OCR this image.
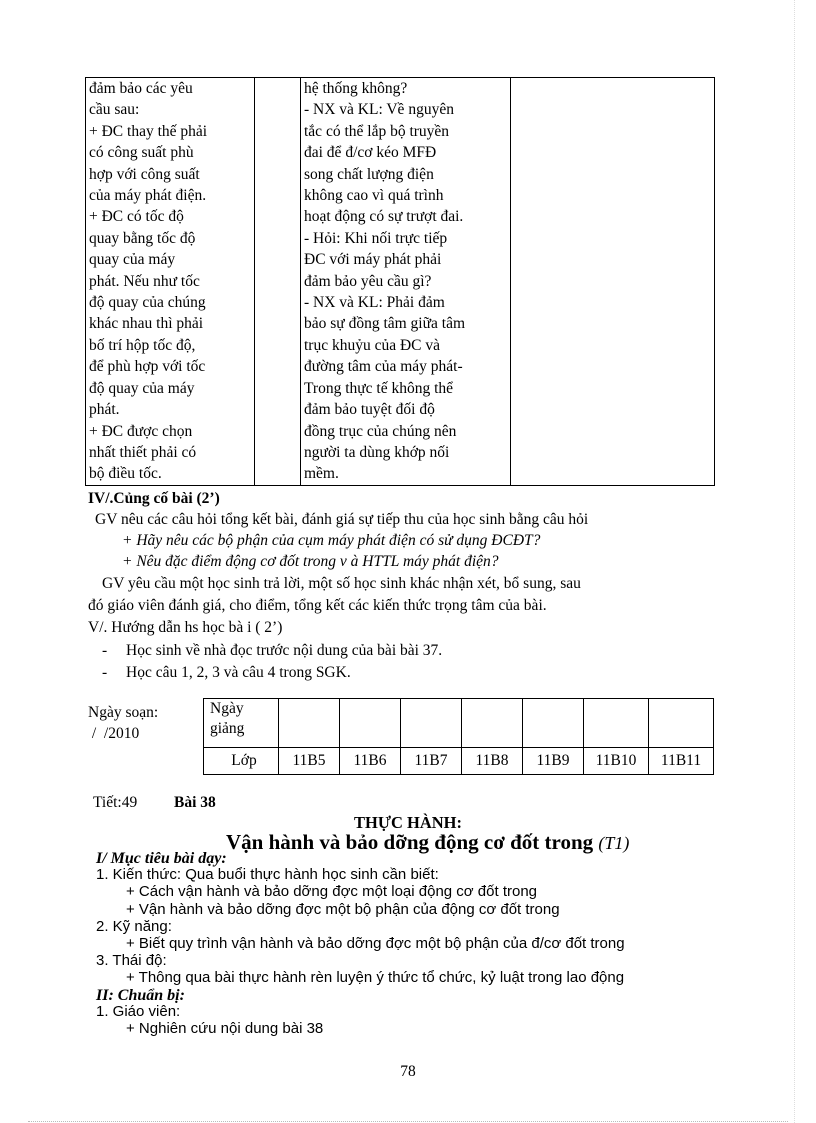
đảm bảo các yêu
cầu sau:
+ ĐC thay thế phải
có công suất phù
hợp với công suất
của máy phát điện.
+ ĐC có tốc độ
quay bằng tốc độ
quay của máy
phát. Nếu như tốc
độ quay của chúng
khác nhau thì phải
bố trí hộp tốc độ,
để phù hợp với tốc
độ quay của máy
phát.
+ ĐC được chọn
nhất thiết phải có
bộ điều tốc.

hệ thống không?
- NX và KL: Về nguyên
tắc có thể lắp bộ truyền
đai để đ/cơ kéo MFĐ
song chất lượng điện
không cao vì quá trình
hoạt động có sự trượt đai.
- Hỏi: Khi nối trực tiếp
ĐC với máy phát phải
đảm bảo yêu cầu gì?
- NX và KL: Phải đảm
bảo sự đồng tâm giữa tâm
trục khuỷu của ĐC và
đường tâm của máy phát-
Trong thực tế không thể
đảm bảo tuyệt đối độ
đồng trục của chúng nên
người ta dùng khớp nối
mềm.

IV/.Củng cố bài (2’)
GV nêu các câu hỏi tổng kết bài, đánh giá sự tiếp thu của học sinh bằng câu hỏi
+ Hãy nêu các bộ phận của cụm máy phát điện có sử dụng ĐCĐT?
+ Nêu đặc điểm động cơ đốt trong v à HTTL máy phát điện?
GV yêu cầu một học sinh trả lời, một số học sinh khác nhận xét, bổ sung, sau
đó giáo viên đánh giá, cho điểm, tổng kết các kiến thức trọng tâm của bài.
V/. Hướng dẫn hs học bà i ( 2’)
- Học sinh về nhà đọc trước nội dung của bài bài 37.
- Học câu 1, 2, 3 và câu 4 trong SGK.
Ngày soạn:
/  /2010
Ngày
giảng							

Lớp	11B5	11B6	11B7	11B8	11B9	11B10	11B11
Tiết:49 Bài 38
THỰC HÀNH:
Vận hành và bảo dỡng động cơ đốt trong (T1)
I/ Mục tiêu bài dạy:
1. Kiến thức: Qua buổi thực hành học sinh cần biết:
+ Cách vận hành và bảo dỡng đợc một loại động cơ đốt trong
+ Vận hành và bảo dỡng đợc một bộ phận của động cơ đốt trong
2. Kỹ năng:
+ Biết quy trình vận hành và bảo dỡng đợc một bộ phận của đ/cơ đốt trong
3. Thái độ:
+ Thông qua bài thực hành rèn luyện ý thức tổ chức, kỷ luật trong lao động
II: Chuẩn bị:
1. Giáo viên:
+ Nghiên cứu nội dung bài 38
78
